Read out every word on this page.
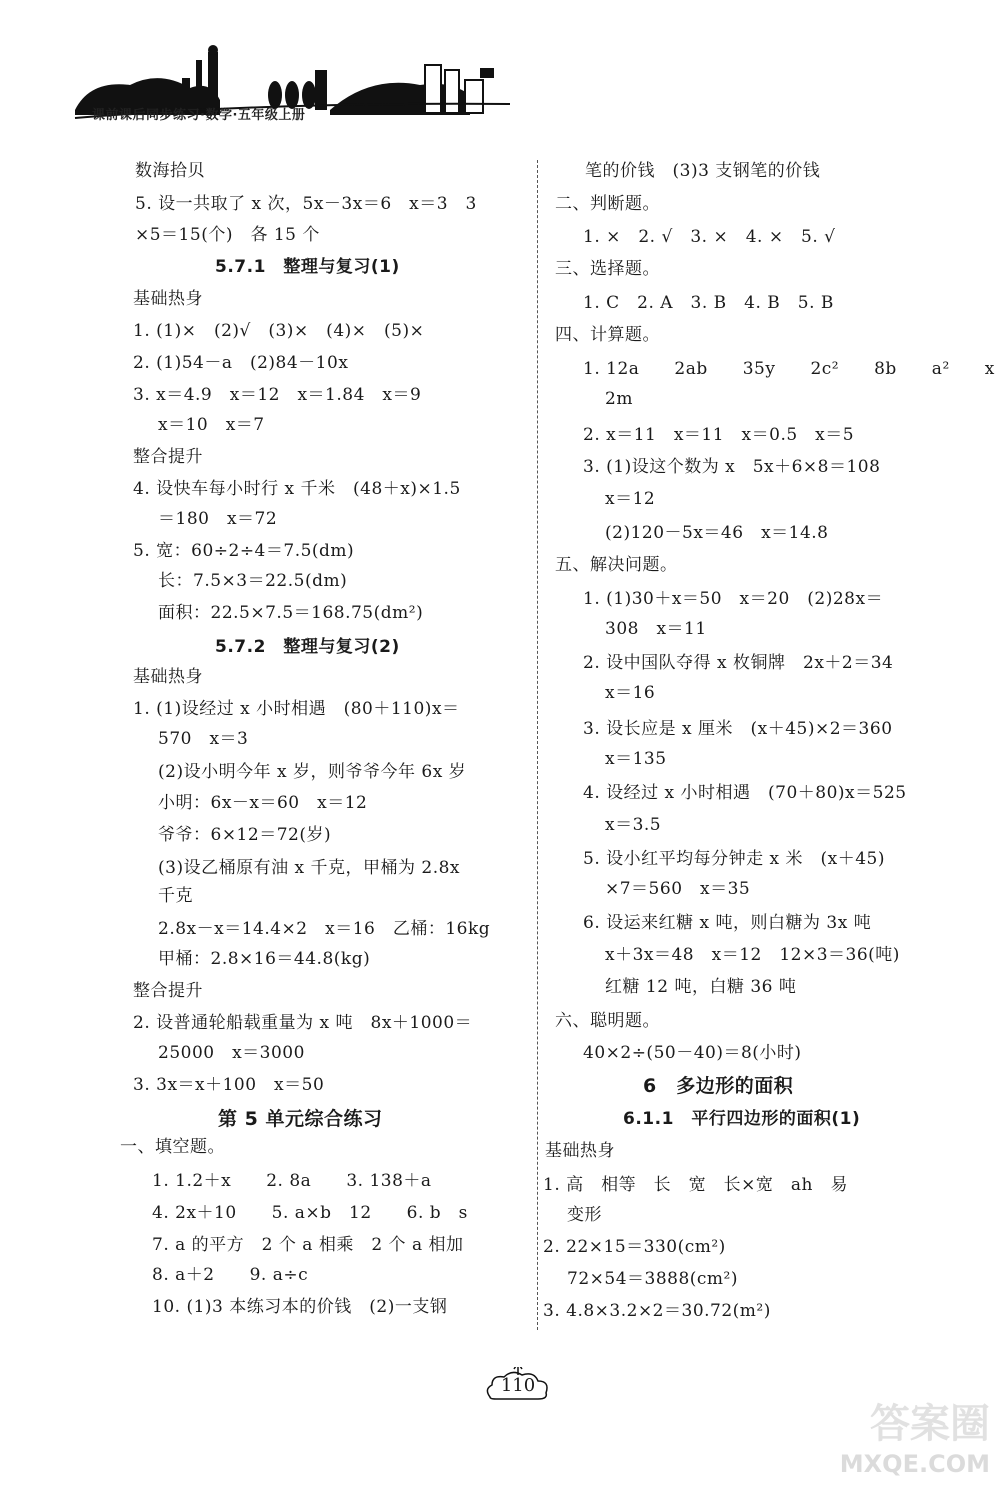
课前课后同步练习·数学·五年级上册
数海拾贝
5. 设一共取了 x 次，5x－3x＝6　x＝3　3
×5＝15(个)　各 15 个
5.7.1　整理与复习(1)
基础热身
1. (1)×　(2)√　(3)×　(4)×　(5)×
2. (1)54－a　(2)84－10x
3. x＝4.9　x＝12　x＝1.84　x＝9
x＝10　x＝7
整合提升
4. 设快车每小时行 x 千米　(48＋x)×1.5
＝180　x＝72
5. 宽：60÷2÷4＝7.5(dm)
长：7.5×3＝22.5(dm)
面积：22.5×7.5＝168.75(dm²)
5.7.2　整理与复习(2)
基础热身
1. (1)设经过 x 小时相遇　(80＋110)x＝
570　x＝3
(2)设小明今年 x 岁，则爷爷今年 6x 岁
小明：6x－x＝60　x＝12
爷爷：6×12＝72(岁)
(3)设乙桶原有油 x 千克，甲桶为 2.8x
千克
2.8x－x＝14.4×2　x＝16　乙桶：16kg
甲桶：2.8×16＝44.8(kg)
整合提升
2. 设普通轮船载重量为 x 吨　8x＋1000＝
25000　x＝3000
3. 3x＝x＋100　x＝50
第 5 单元综合练习
一、填空题。
1. 1.2＋x　　2. 8a　　3. 138＋a
4. 2x＋10　　5. a×b　12　　6. b　s
7. a 的平方　2 个 a 相乘　2 个 a 相加
8. a＋2　　9. a÷c
10. (1)3 本练习本的价钱　(2)一支钢
笔的价钱　(3)3 支钢笔的价钱
二、判断题。
1. ×　2. √　3. ×　4. ×　5. √
三、选择题。
1. C　2. A　3. B　4. B　5. B
四、计算题。
1. 12a　　2ab　　35y　　2c²　　8b　　a²　　x
2m
2. x＝11　x＝11　x＝0.5　x＝5
3. (1)设这个数为 x　5x＋6×8＝108
x＝12
(2)120－5x＝46　x＝14.8
五、解决问题。
1. (1)30＋x＝50　x＝20　(2)28x＝
308　x＝11
2. 设中国队夺得 x 枚铜牌　2x＋2＝34
x＝16
3. 设长应是 x 厘米　(x＋45)×2＝360
x＝135
4. 设经过 x 小时相遇　(70＋80)x＝525
x＝3.5
5. 设小红平均每分钟走 x 米　(x＋45)
×7＝560　x＝35
6. 设运来红糖 x 吨，则白糖为 3x 吨
x＋3x＝48　x＝12　12×3＝36(吨)
红糖 12 吨，白糖 36 吨
六、聪明题。
40×2÷(50－40)＝8(小时)
6　多边形的面积
6.1.1　平行四边形的面积(1)
基础热身
1. 高　相等　长　宽　长×宽　ah　易
变形
2. 22×15＝330(cm²)
72×54＝3888(cm²)
3. 4.8×3.2×2＝30.72(m²)
110
答案圈
MXQE.COM
